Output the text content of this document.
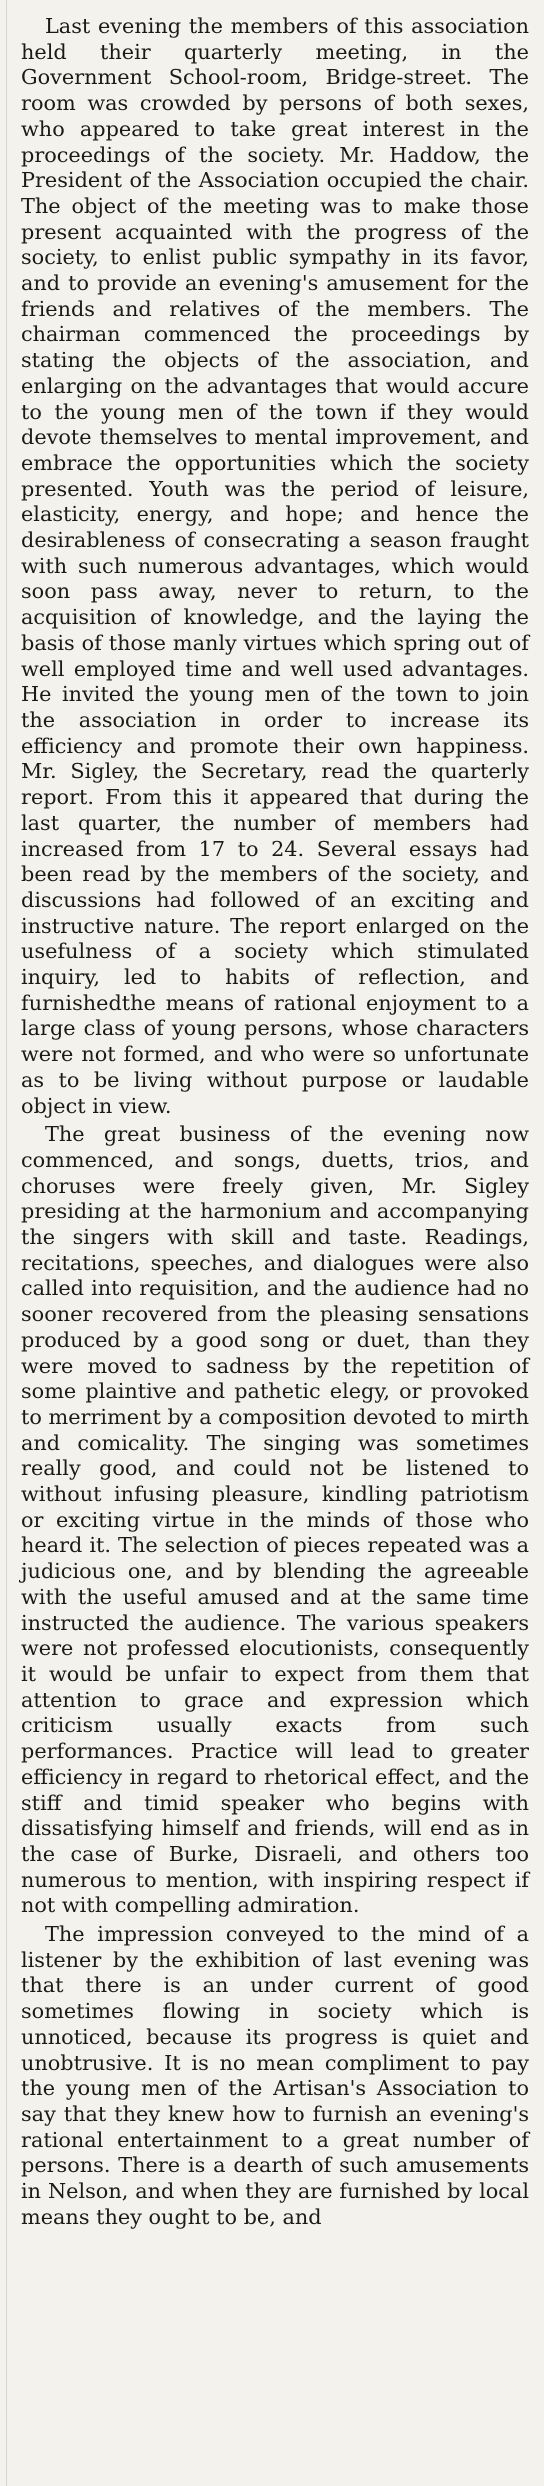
Last evening the members of this association held their quarterly meeting, in the Government School-room, Bridge-street. The room was crowded by persons of both sexes, who appeared to take great interest in the proceedings of the society. Mr. Haddow, the President of the Association occupied the chair. The object of the meeting was to make those present acquainted with the progress of the society, to enlist public sympathy in its favor, and to provide an evening's amusement for the friends and relatives of the members. The chairman commenced the proceedings by stating the objects of the association, and enlarging on the advantages that would accure to the young men of the town if they would devote themselves to mental improvement, and embrace the opportunities which the society presented. Youth was the period of leisure, elasticity, energy, and hope; and hence the desirableness of consecrating a season fraught with such numerous advantages, which would soon pass away, never to return, to the acquisition of knowledge, and the laying the basis of those manly virtues which spring out of well employed time and well used advantages. He invited the young men of the town to join the association in order to increase its efficiency and promote their own happiness. Mr. Sigley, the Secretary, read the quarterly report. From this it appeared that during the last quarter, the number of members had increased from 17 to 24. Several essays had been read by the members of the society, and discussions had followed of an exciting and instructive nature. The report enlarged on the usefulness of a society which stimulated inquiry, led to habits of reflection, and furnishedthe means of rational enjoyment to a large class of young persons, whose characters were not formed, and who were so unfortunate as to be living without purpose or laudable object in view.

The great business of the evening now commenced, and songs, duetts, trios, and choruses were freely given, Mr. Sigley presiding at the harmonium and accompanying the singers with skill and taste. Readings, recitations, speeches, and dialogues were also called into requisition, and the audience had no sooner recovered from the pleasing sensations produced by a good song or duet, than they were moved to sadness by the repetition of some plaintive and pathetic elegy, or provoked to merriment by a composition devoted to mirth and comicality. The singing was sometimes really good, and could not be listened to without infusing pleasure, kindling patriotism or exciting virtue in the minds of those who heard it. The selection of pieces repeated was a judicious one, and by blending the agreeable with the useful amused and at the same time instructed the audience. The various speakers were not professed elocutionists, consequently it would be unfair to expect from them that attention to grace and expression which criticism usually exacts from such performances. Practice will lead to greater efficiency in regard to rhetorical effect, and the stiff and timid speaker who begins with dissatisfying himself and friends, will end as in the case of Burke, Disraeli, and others too numerous to mention, with inspiring respect if not with compelling admiration.

The impression conveyed to the mind of a listener by the exhibition of last evening was that there is an under current of good sometimes flowing in society which is unnoticed, because its progress is quiet and unobtrusive. It is no mean compliment to pay the young men of the Artisan's Association to say that they knew how to furnish an evening's rational entertainment to a great number of persons. There is a dearth of such amusements in Nelson, and when they are furnished by local means they ought to be, and
